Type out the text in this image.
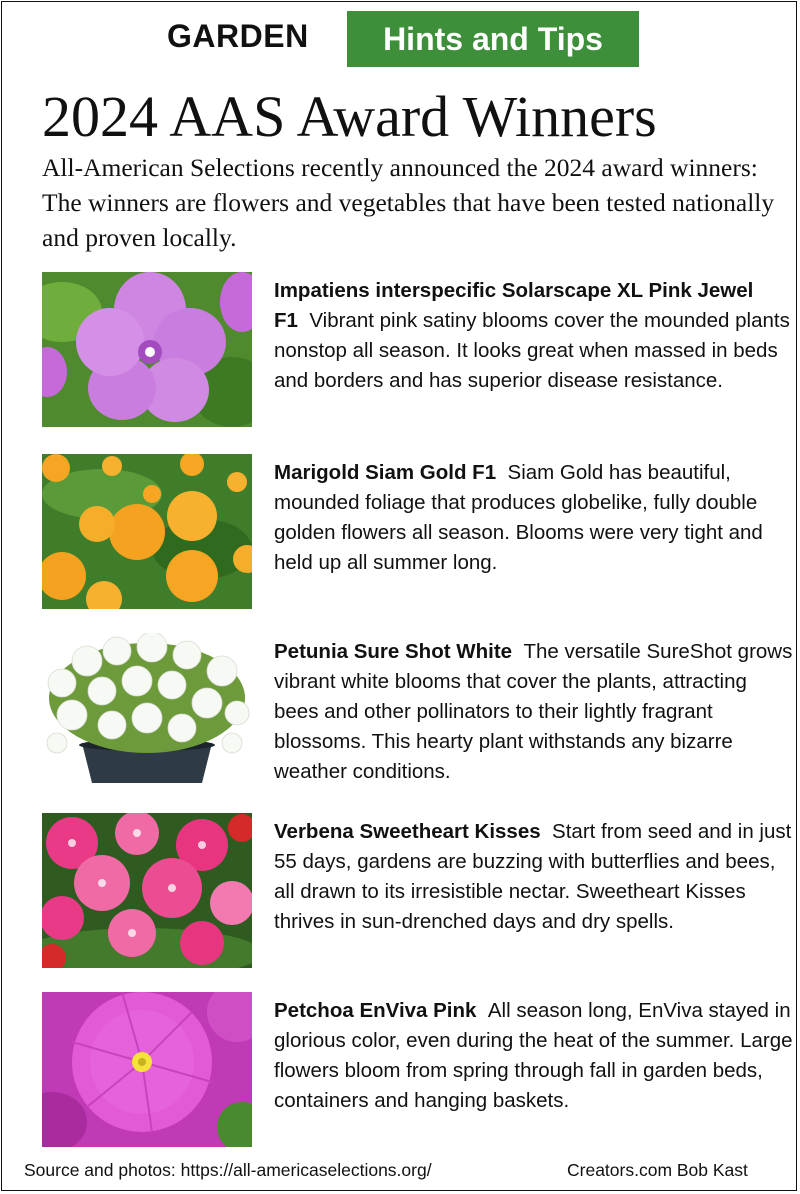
GARDEN	Hints and Tips
2024 AAS Award Winners
All-American Selections recently announced the 2024 award winners: The winners are flowers and vegetables that have been tested nationally and proven locally.
Impatiens interspecific Solarscape XL Pink Jewel F1 Vibrant pink satiny blooms cover the mounded plants nonstop all season. It looks great when massed in beds and borders and has superior disease resistance.
Marigold Siam Gold F1 Siam Gold has beautiful, mounded foliage that produces globelike, fully double golden flowers all season. Blooms were very tight and held up all summer long.
Petunia Sure Shot White The versatile SureShot grows vibrant white blooms that cover the plants, attracting bees and other pollinators to their lightly fragrant blossoms. This hearty plant withstands any bizarre weather conditions.
Verbena Sweetheart Kisses Start from seed and in just 55 days, gardens are buzzing with butterflies and bees, all drawn to its irresistible nectar. Sweetheart Kisses thrives in sun-drenched days and dry spells.
Petchoa EnViva Pink All season long, EnViva stayed in glorious color, even during the heat of the summer. Large flowers bloom from spring through fall in garden beds, containers and hanging baskets.
Source and photos: https://all-americaselections.org/	Creators.com Bob Kast
